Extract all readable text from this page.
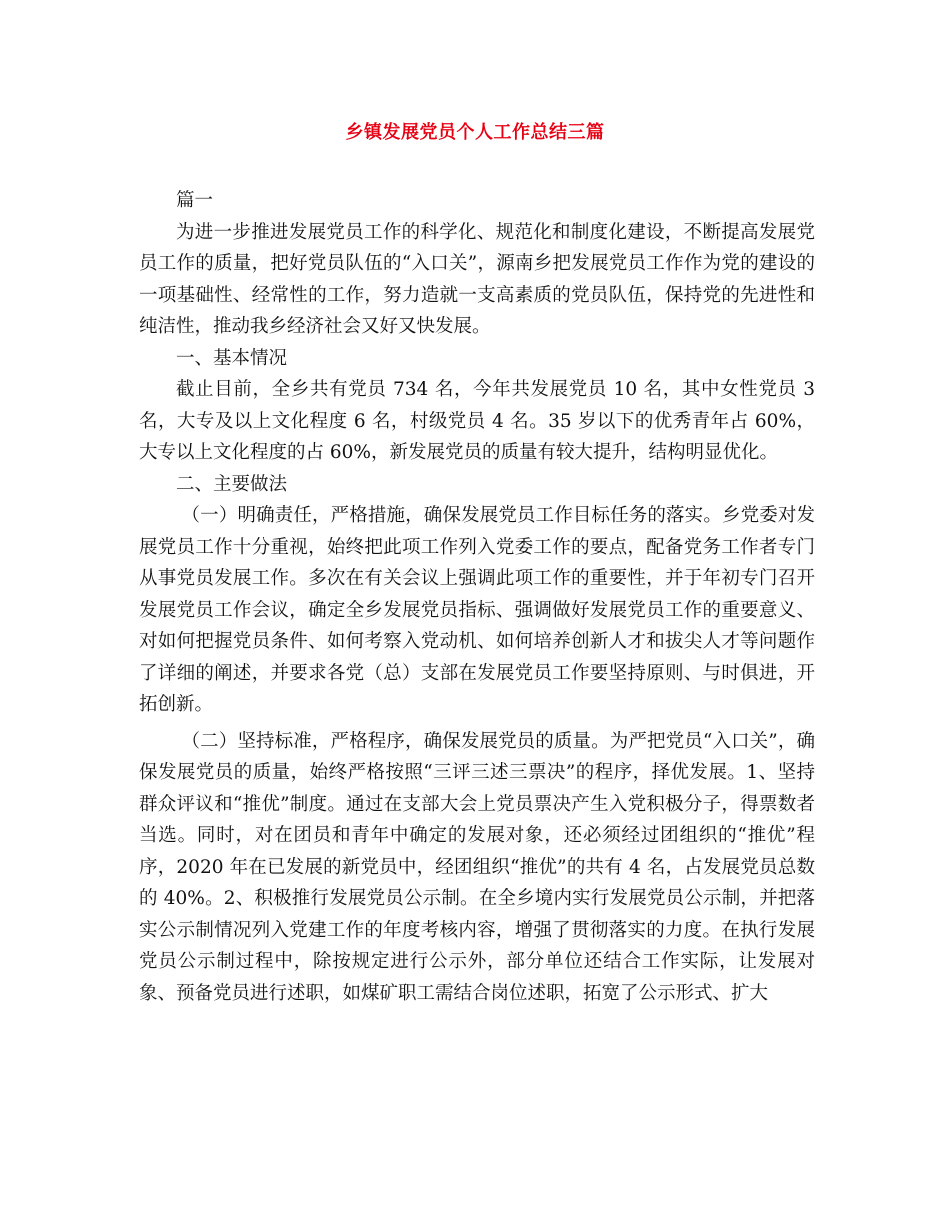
乡镇发展党员个人工作总结三篇

篇一

为进一步推进发展党员工作的科学化、规范化和制度化建设，不断提高发展党员工作的质量，把好党员队伍的“入口关”，源南乡把发展党员工作作为党的建设的一项基础性、经常性的工作，努力造就一支高素质的党员队伍，保持党的先进性和纯洁性，推动我乡经济社会又好又快发展。

一、基本情况

截止目前，全乡共有党员 734 名，今年共发展党员 10 名，其中女性党员 3 名，大专及以上文化程度 6 名，村级党员 4 名。35 岁以下的优秀青年占 60%，大专以上文化程度的占 60%，新发展党员的质量有较大提升，结构明显优化。

二、主要做法

（一）明确责任，严格措施，确保发展党员工作目标任务的落实。乡党委对发展党员工作十分重视，始终把此项工作列入党委工作的要点，配备党务工作者专门从事党员发展工作。多次在有关会议上强调此项工作的重要性，并于年初专门召开发展党员工作会议，确定全乡发展党员指标、强调做好发展党员工作的重要意义、对如何把握党员条件、如何考察入党动机、如何培养创新人才和拔尖人才等问题作了详细的阐述，并要求各党（总）支部在发展党员工作要坚持原则、与时俱进，开拓创新。

（二）坚持标准，严格程序，确保发展党员的质量。为严把党员“入口关”，确保发展党员的质量，始终严格按照“三评三述三票决”的程序，择优发展。1、坚持群众评议和“推优”制度。通过在支部大会上党员票决产生入党积极分子，得票数者当选。同时，对在团员和青年中确定的发展对象，还必须经过团组织的“推优”程序，2020 年在已发展的新党员中，经团组织“推优”的共有 4 名，占发展党员总数的 40%。2、积极推行发展党员公示制。在全乡境内实行发展党员公示制，并把落实公示制情况列入党建工作的年度考核内容，增强了贯彻落实的力度。在执行发展党员公示制过程中，除按规定进行公示外，部分单位还结合工作实际，让发展对象、预备党员进行述职，如煤矿职工需结合岗位述职，拓宽了公示形式、扩大
